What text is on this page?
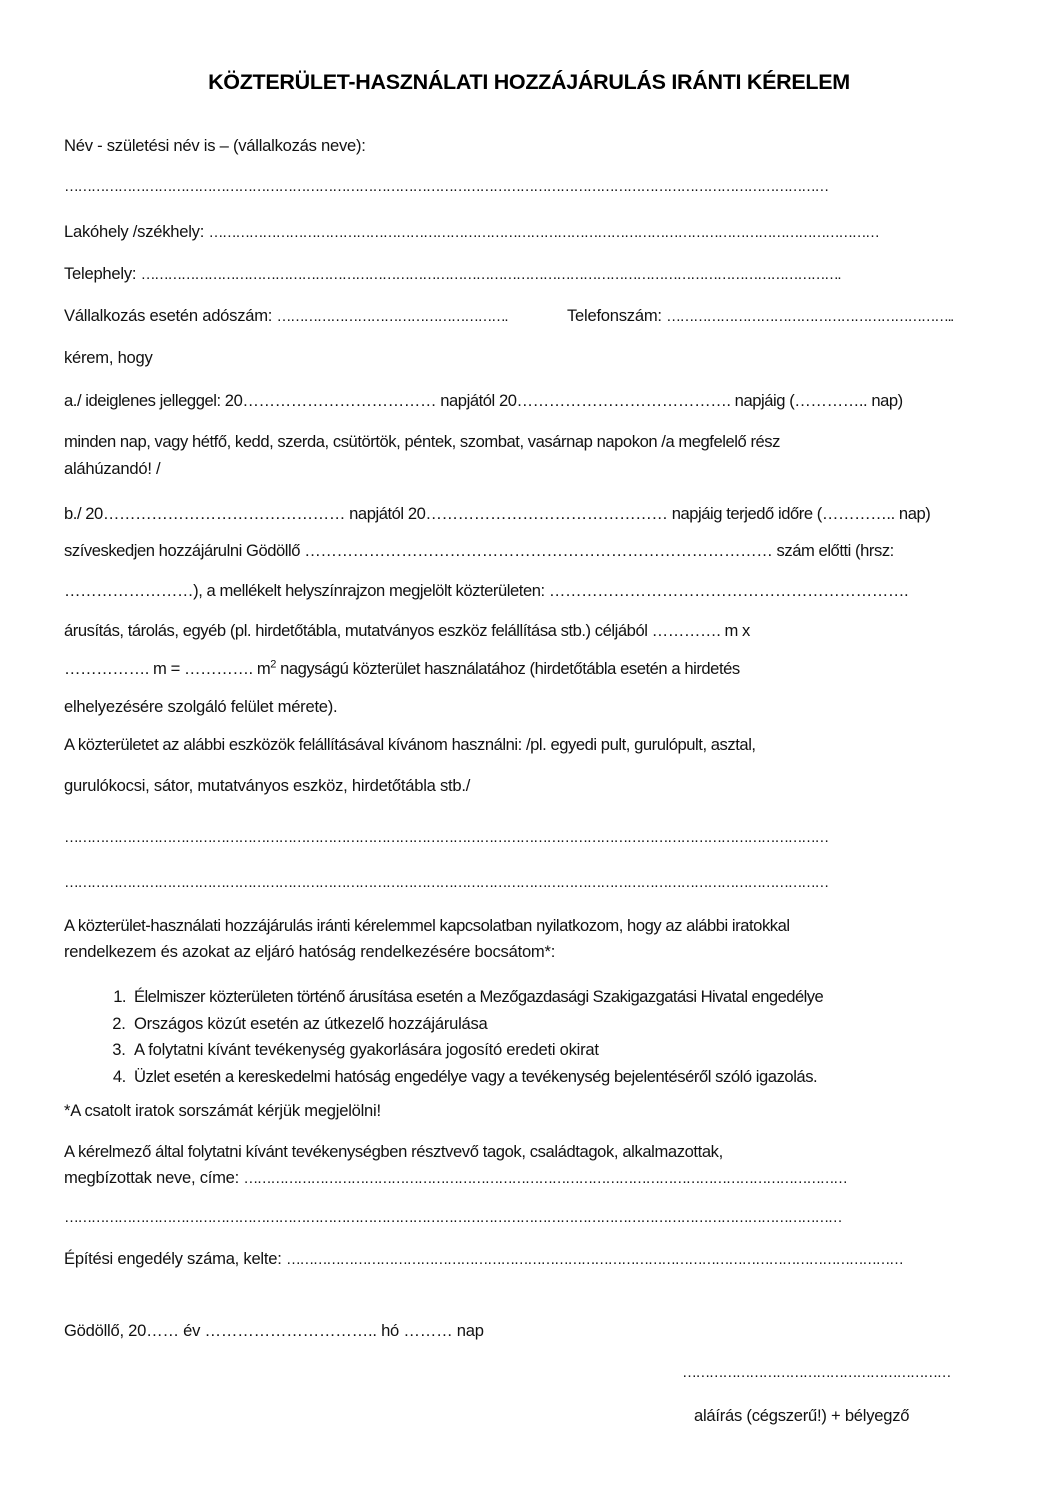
KÖZTERÜLET-HASZNÁLATI HOZZÁJÁRULÁS IRÁNTI KÉRELEM
Név - születési név is – (vállalkozás neve):
………………………………………………………………………………………………………………………………………………………
Lakóhely /székhely: ……………………………………………………………………………………………………………………………………
Telephely: ………………………………………………………………………………………………………………………………………….
Vállalkozás esetén adószám: …………………………………………….	Telefonszám: ………………………………………………………..
kérem, hogy
a./ ideiglenes jelleggel: 20……………………………… napjától 20…………………………………. napjáig (………….. nap)
minden nap, vagy hétfő, kedd, szerda, csütörtök, péntek, szombat, vasárnap napokon /a megfelelő rész
aláhúzandó! /
b./ 20……………………………………… napjától 20……………………………………… napjáig terjedő időre (………….. nap)
szíveskedjen hozzájárulni Gödöllő …………………………………………………………………………… szám előtti (hrsz:
……………………), a mellékelt helyszínrajzon megjelölt közterületen: ………………………………………………………….
árusítás, tárolás, egyéb (pl. hirdetőtábla, mutatványos eszköz felállítása stb.) céljából …………. m x
……………. m = …………. $m^2$ nagyságú közterület használatához (hirdetőtábla esetén a hirdetés
elhelyezésére szolgáló felület mérete).
A közterületet az alábbi eszközök felállításával kívánom használni: /pl. egyedi pult, gurulópult, asztal,
gurulókocsi, sátor, mutatványos eszköz, hirdetőtábla stb./
………………………………………………………………………………………………………………………………………………………
………………………………………………………………………………………………………………………………………………………
A közterület-használati hozzájárulás iránti kérelemmel kapcsolatban nyilatkozom, hogy az alábbi iratokkal
rendelkezem és azokat az eljáró hatóság rendelkezésére bocsátom*:
1. Élelmiszer közterületen történő árusítása esetén a Mezőgazdasági Szakigazgatási Hivatal engedélye
2. Országos közút esetén az útkezelő hozzájárulása
3. A folytatni kívánt tevékenység gyakorlására jogosító eredeti okirat
4. Üzlet esetén a kereskedelmi hatóság engedélye vagy a tevékenység bejelentéséről szóló igazolás.
*A csatolt iratok sorszámát kérjük megjelölni!
A kérelmező által folytatni kívánt tevékenységben résztvevő tagok, családtagok, alkalmazottak,
megbízottak neve, címe: ………………………………………………………………………………………………………………………
…………………………………………………………………………………………………………………………………………………………
Építési engedély száma, kelte: …………………………………………………………………………………………………………………………
Gödöllő, 20…… év ………………………….. hó ……… nap
……………………………………………………
aláírás (cégszerű!) + bélyegző
